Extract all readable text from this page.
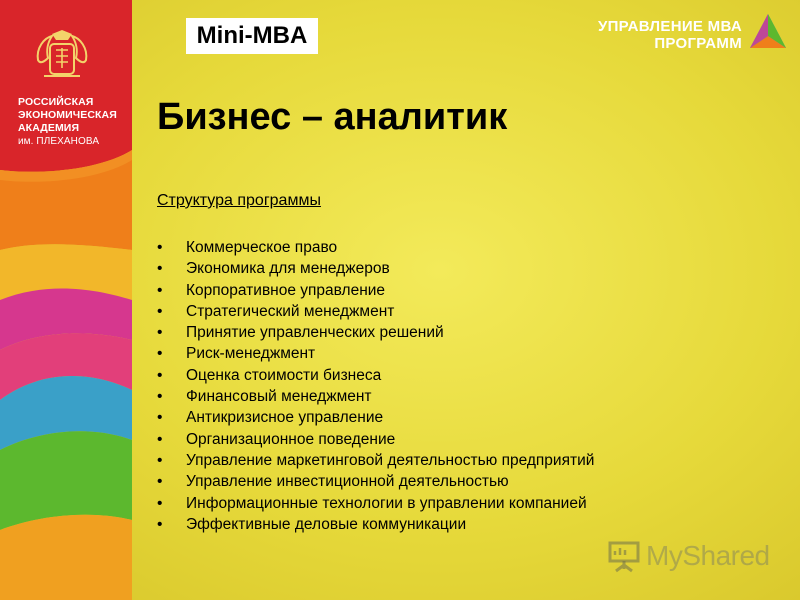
РОССИЙСКАЯ
ЭКОНОМИЧЕСКАЯ
АКАДЕМИЯ
им. ПЛЕХАНОВА
Mini-MBA	УПРАВЛЕНИЕ МВА
ПРОГРАММ
Бизнес – аналитик
Структура программы
• Коммерческое право
• Экономика для менеджеров
• Корпоративное управление
• Стратегический менеджмент
• Принятие управленческих решений
• Риск-менеджмент
• Оценка стоимости бизнеса
• Финансовый менеджмент
• Антикризисное управление
• Организационное поведение
• Управление маркетинговой деятельностью предприятий
• Управление инвестиционной деятельностью
• Информационные технологии в управлении компанией
• Эффективные деловые коммуникации
MyShared
